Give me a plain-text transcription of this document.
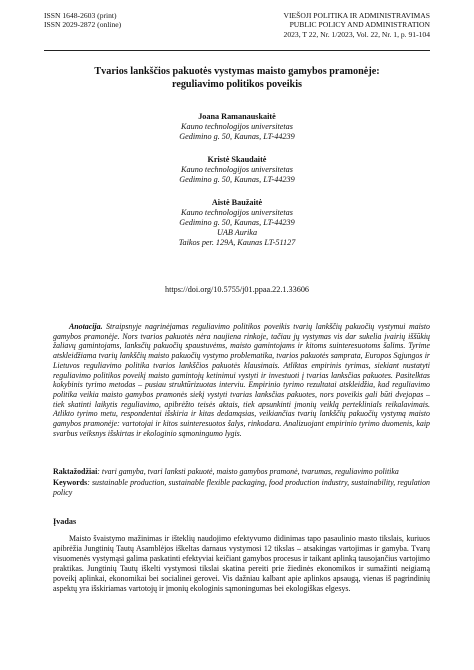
ISSN 1648-2603 (print)
ISSN 2029-2872 (online)
VIEŠOJI POLITIKA IR ADMINISTRAVIMAS
PUBLIC POLICY AND ADMINISTRATION
2023, T 22, Nr. 1/2023, Vol. 22, Nr. 1, p. 91-104
Tvarios lankščios pakuotės vystymas maisto gamybos pramonėje:
reguliavimo politikos poveikis
Joana Ramanauskaitė
Kauno technologijos universitetas
Gedimino g. 50, Kaunas, LT-44239
Kristė Skaudaitė
Kauno technologijos universitetas
Gedimino g. 50, Kaunas, LT-44239
Aistė Baužaitė
Kauno technologijos universitetas
Gedimino g. 50, Kaunas, LT-44239
UAB Aurika
Taikos per. 129A, Kaunas LT-51127
https://doi.org/10.5755/j01.ppaa.22.1.33606
Anotacija. Straipsnyje nagrinėjamas reguliavimo politikos poveikis tvarių lankščių pakuočių vystymui maisto gamybos pramonėje. Nors tvarios pakuotės nėra naujiena rinkoje, tačiau jų vystymas vis dar sukelia įvairių iššūkių žaliavų gamintojams, lanksčių pakuočių spaustuvėms, maisto gamintojams ir kitoms suinteresuotoms šalims. Tyrime atskleidžiama tvarių lankščių maisto pakuočių vystymo problematika, tvarios pakuotės samprata, Europos Sąjungos ir Lietuvos reguliavimo politika tvarios lankščios pakuotės klausimais. Atliktas empirinis tyrimas, siekiant nustatyti reguliavimo politikos poveikį maisto gamintojų ketinimui vystyti ir investuoti į tvarias lanksčias pakuotes. Pasitelktas kokybinis tyrimo metodas – pusiau struktūrizuotas interviu. Empirinio tyrimo rezultatai atskleidžia, kad reguliavimo politika veikia maisto gamybos pramonės siekį vystyti tvarias lanksčias pakuotes, nors poveikis gali būti dvejopas – tiek skatinti laikytis reguliavimo, apibrėžto teisės aktais, tiek apsunkinti įmonių veiklą perteklinials reikalavimais. Atlikto tyrimo metu, respondentai išskiria ir kitas dedamąsias, veikiančias tvarių lankščių pakuočių vystymą maisto gamybos pramonėje: vartotojai ir kitos suinteresuotos šalys, rinkodara. Analizuojant empirinio tyrimo duomenis, kaip svarbus veiksnys išskirtas ir ekologinio sąmoningumo lygis.
Raktažodžiai: tvari gamyba, tvari lanksti pakuotė, maisto gamybos pramonė, tvarumas, reguliavimo politika
Keywords: sustainable production, sustainable flexible packaging, food production industry, sustainability, regulation policy
Įvadas
Maisto švaistymo mažinimas ir išteklių naudojimo efektyvumo didinimas tapo pasaulinio masto tikslais, kuriuos apibrėžia Jungtinių Tautų Asamblėjos iškeltas darnaus vystymosi 12 tikslas – atsakingas vartojimas ir gamyba. Tvarų visuomenės vystymąsi galima paskatinti efektyviai keičiant gamybos procesus ir taikant aplinką tausojančius vartojimo praktikas. Jungtinių Tautų iškelti vystymosi tikslai skatina pereiti prie žiedinės ekonomikos ir sumažinti neigiamą poveikį aplinkai, ekonomikai bei socialinei gerovei. Vis dažniau kalbant apie aplinkos apsaugą, vienas iš pagrindinių aspektų yra išskiriamas vartotojų ir įmonių ekologinis sąmoningumas bei ekologiškas elgesys.
